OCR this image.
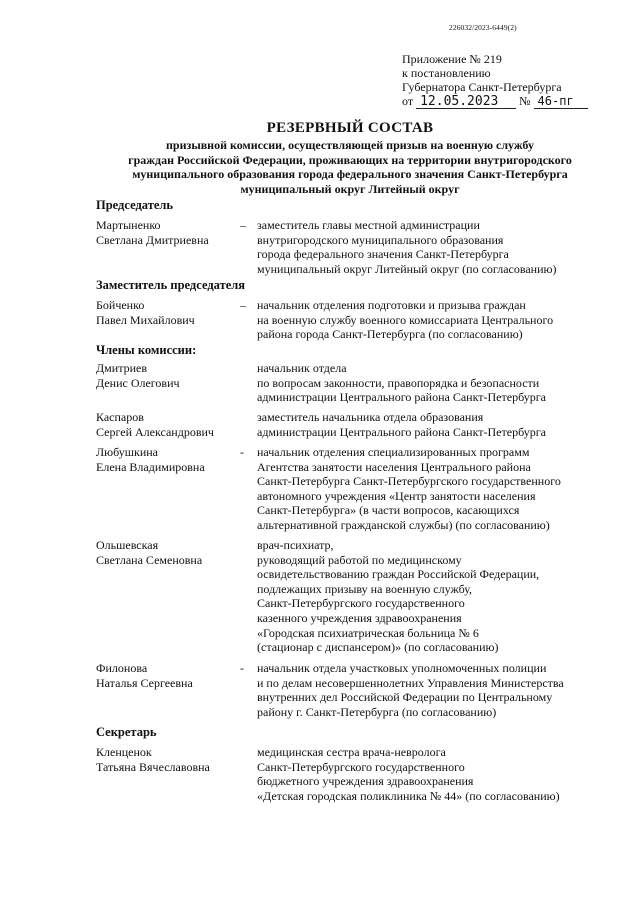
226032/2023-6449(2)
Приложение № 219
к постановлению
Губернатора Санкт-Петербурга
от 12.05.2023 № 46-пг
РЕЗЕРВНЫЙ СОСТАВ
призывной комиссии, осуществляющей призыв на военную службу
граждан Российской Федерации, проживающих на территории внутригородского
муниципального образования города федерального значения Санкт-Петербурга
муниципальный округ Литейный округ
Председатель
Мартыненко
Светлана Дмитриевна
– заместитель главы местной администрации
внутригородского муниципального образования
города федерального значения Санкт-Петербурга
муниципальный округ Литейный округ (по согласованию)
Заместитель председателя
Бойченко
Павел Михайлович
– начальник отделения подготовки и призыва граждан
на военную службу военного комиссариата Центрального
района города Санкт-Петербурга (по согласованию)
Члены комиссии:
Дмитриев
Денис Олегович
начальник отдела
по вопросам законности, правопорядка и безопасности
администрации Центрального района Санкт-Петербурга
Каспаров
Сергей Александрович
заместитель начальника отдела образования
администрации Центрального района Санкт-Петербурга
Любушкина
Елена Владимировна
- начальник отделения специализированных программ
Агентства занятости населения Центрального района
Санкт-Петербурга Санкт-Петербургского государственного
автономного учреждения «Центр занятости населения
Санкт-Петербурга» (в части вопросов, касающихся
альтернативной гражданской службы) (по согласованию)
Ольшевская
Светлана Семеновна
врач-психиатр,
руководящий работой по медицинскому
освидетельствованию граждан Российской Федерации,
подлежащих призыву на военную службу,
Санкт-Петербургского государственного
казенного учреждения здравоохранения
«Городская психиатрическая больница № 6
(стационар с диспансером)» (по согласованию)
Филонова
Наталья Сергеевна
- начальник отдела участковых уполномоченных полиции
и по делам несовершеннолетних Управления Министерства
внутренних дел Российской Федерации по Центральному
району г. Санкт-Петербурга (по согласованию)
Секретарь
Кленценок
Татьяна Вячеславовна
медицинская сестра врача-невролога
Санкт-Петербургского государственного
бюджетного учреждения здравоохранения
«Детская городская поликлиника № 44» (по согласованию)
